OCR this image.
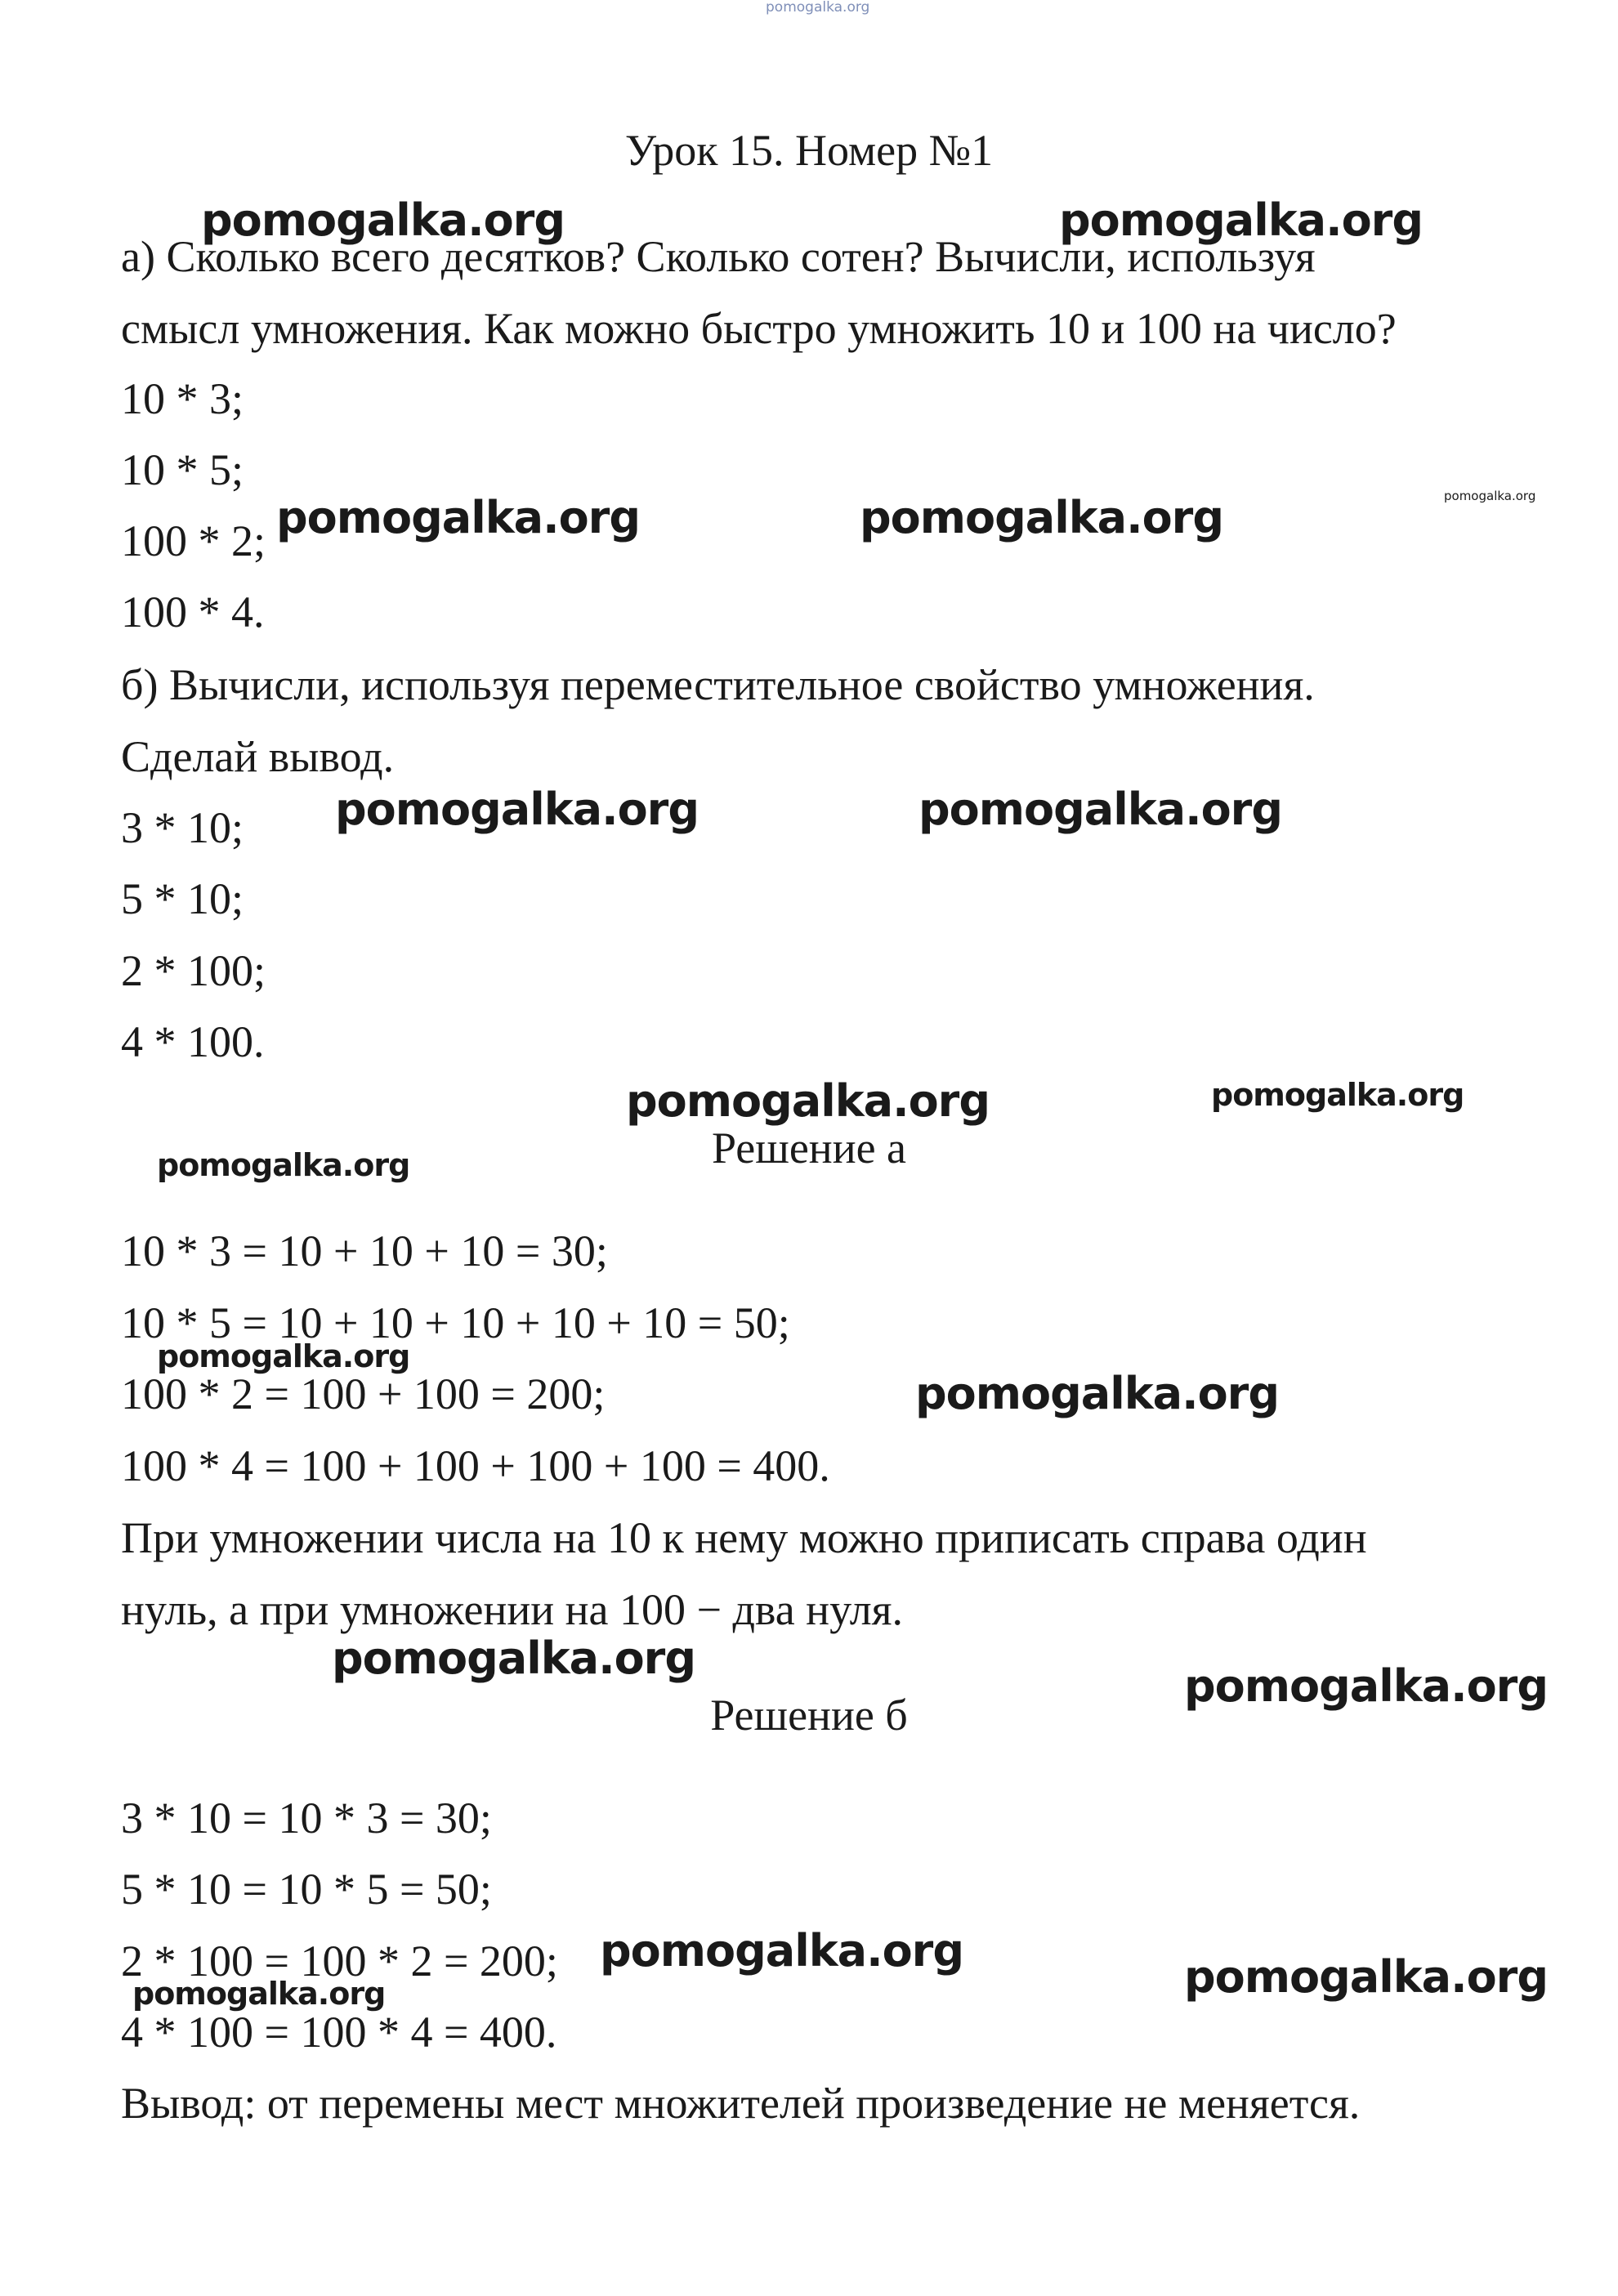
pomogalka.org
Урок 15. Номер №1
а) Сколько всего десятков? Сколько сотен? Вычисли, используя
смысл умножения. Как можно быстро умножить 10 и 100 на число?
10 * 3;
10 * 5;
100 * 2;
100 * 4.
б) Вычисли, используя переместительное свойство умножения.
Сделай вывод.
3 * 10;
5 * 10;
2 * 100;
4 * 100.
Решение а
10 * 3 = 10 + 10 + 10 = 30;
10 * 5 = 10 + 10 + 10 + 10 + 10 = 50;
100 * 2 = 100 + 100 = 200;
100 * 4 = 100 + 100 + 100 + 100 = 400.
При умножении числа на 10 к нему можно приписать справа один
нуль, а при умножении на 100 − два нуля.
Решение б
3 * 10 = 10 * 3 = 30;
5 * 10 = 10 * 5 = 50;
2 * 100 = 100 * 2 = 200;
4 * 100 = 100 * 4 = 400.
Вывод: от перемены мест множителей произведение не меняется.
pomogalka.org	pomogalka.org
pomogalka.org	pomogalka.org	pomogalka.org
pomogalka.org	pomogalka.org
pomogalka.org	pomogalka.org
pomogalka.org
pomogalka.org
pomogalka.org
pomogalka.org
pomogalka.org
pomogalka.org
pomogalka.org
pomogalka.org
